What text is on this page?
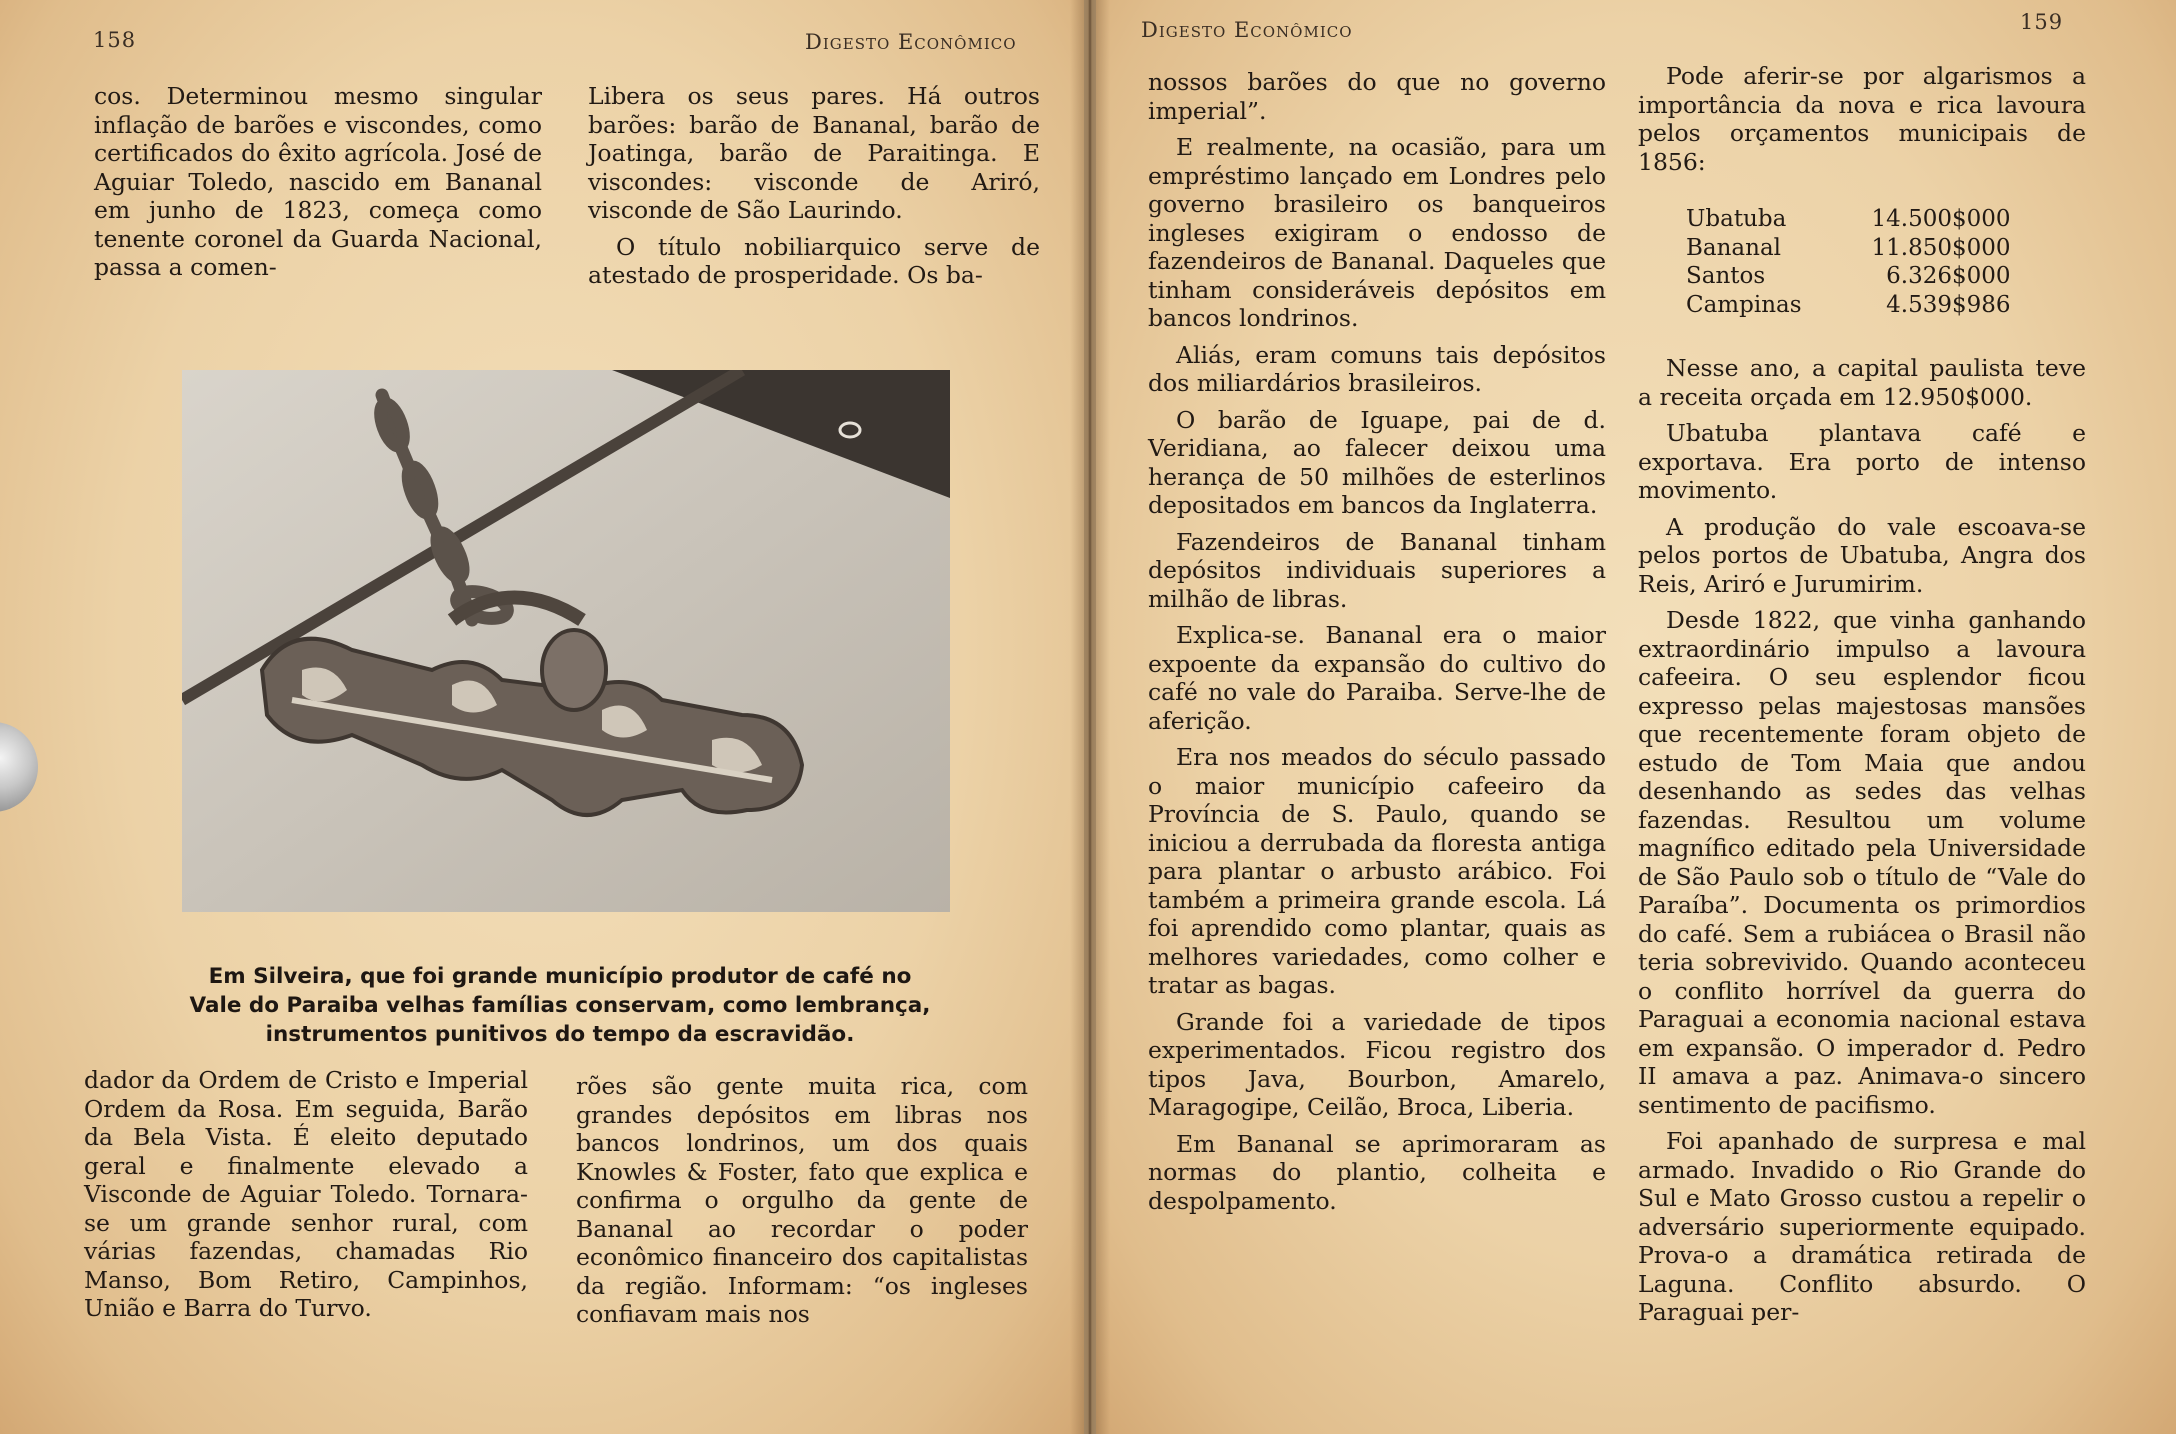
158	Digesto Econômico

cos. Determinou mesmo singular inflação de barões e viscondes, como certificados do êxito agrícola. José de Aguiar Toledo, nascido em Bananal em junho de 1823, começa como tenente coronel da Guarda Nacional, passa a comen-

Libera os seus pares. Há outros barões: barão de Bananal, barão de Joatinga, barão de Paraitinga. E viscondes: visconde de Ariró, visconde de São Laurindo.

O título nobiliarquico serve de atestado de prosperidade. Os ba-

Em Silveira, que foi grande município produtor de café no
Vale do Paraiba velhas famílias conservam, como lembrança,
instrumentos punitivos do tempo da escravidão.

dador da Ordem de Cristo e Imperial Ordem da Rosa. Em seguida, Barão da Bela Vista. É eleito deputado geral e finalmente elevado a Visconde de Aguiar Toledo. Tornara-se um grande senhor rural, com várias fazendas, chamadas Rio Manso, Bom Retiro, Campinhos, União e Barra do Turvo.

rões são gente muita rica, com grandes depósitos em libras nos bancos londrinos, um dos quais Knowles & Foster, fato que explica e confirma o orgulho da gente de Bananal ao recordar o poder econômico financeiro dos capitalistas da região. Informam: “os ingleses confiavam mais nos

Digesto Econômico	159

nossos barões do que no governo imperial”.

E realmente, na ocasião, para um empréstimo lançado em Londres pelo governo brasileiro os banqueiros ingleses exigiram o endosso de fazendeiros de Bananal. Daqueles que tinham consideráveis depósitos em bancos londrinos.

Aliás, eram comuns tais depósitos dos miliardários brasileiros.

O barão de Iguape, pai de d. Veridiana, ao falecer deixou uma herança de 50 milhões de esterlinos depositados em bancos da Inglaterra.

Fazendeiros de Bananal tinham depósitos individuais superiores a milhão de libras.

Explica-se. Bananal era o maior expoente da expansão do cultivo do café no vale do Paraiba. Serve-lhe de aferição.

Era nos meados do século passado o maior município cafeeiro da Província de S. Paulo, quando se iniciou a derrubada da floresta antiga para plantar o arbusto arábico. Foi também a primeira grande escola. Lá foi aprendido como plantar, quais as melhores variedades, como colher e tratar as bagas.

Grande foi a variedade de tipos experimentados. Ficou registro dos tipos Java, Bourbon, Amarelo, Maragogipe, Ceilão, Broca, Liberia.

Em Bananal se aprimoraram as normas do plantio, colheita e despolpamento.

Pode aferir-se por algarismos a importância da nova e rica lavoura pelos orçamentos municipais de 1856:

Ubatuba	14.500$000
Bananal	11.850$000
Santos	6.326$000
Campinas	4.539$986

Nesse ano, a capital paulista teve a receita orçada em 12.950$000.

Ubatuba plantava café e exportava. Era porto de intenso movimento.

A produção do vale escoava-se pelos portos de Ubatuba, Angra dos Reis, Ariró e Jurumirim.

Desde 1822, que vinha ganhando extraordinário impulso a lavoura cafeeira. O seu esplendor ficou expresso pelas majestosas mansões que recentemente foram objeto de estudo de Tom Maia que andou desenhando as sedes das velhas fazendas. Resultou um volume magnífico editado pela Universidade de São Paulo sob o título de “Vale do Paraíba”. Documenta os primordios do café. Sem a rubiácea o Brasil não teria sobrevivido. Quando aconteceu o conflito horrível da guerra do Paraguai a economia nacional estava em expansão. O imperador d. Pedro II amava a paz. Animava-o sincero sentimento de pacifismo.

Foi apanhado de surpresa e mal armado. Invadido o Rio Grande do Sul e Mato Grosso custou a repelir o adversário superiormente equipado. Prova-o a dramática retirada de Laguna. Conflito absurdo. O Paraguai per-
